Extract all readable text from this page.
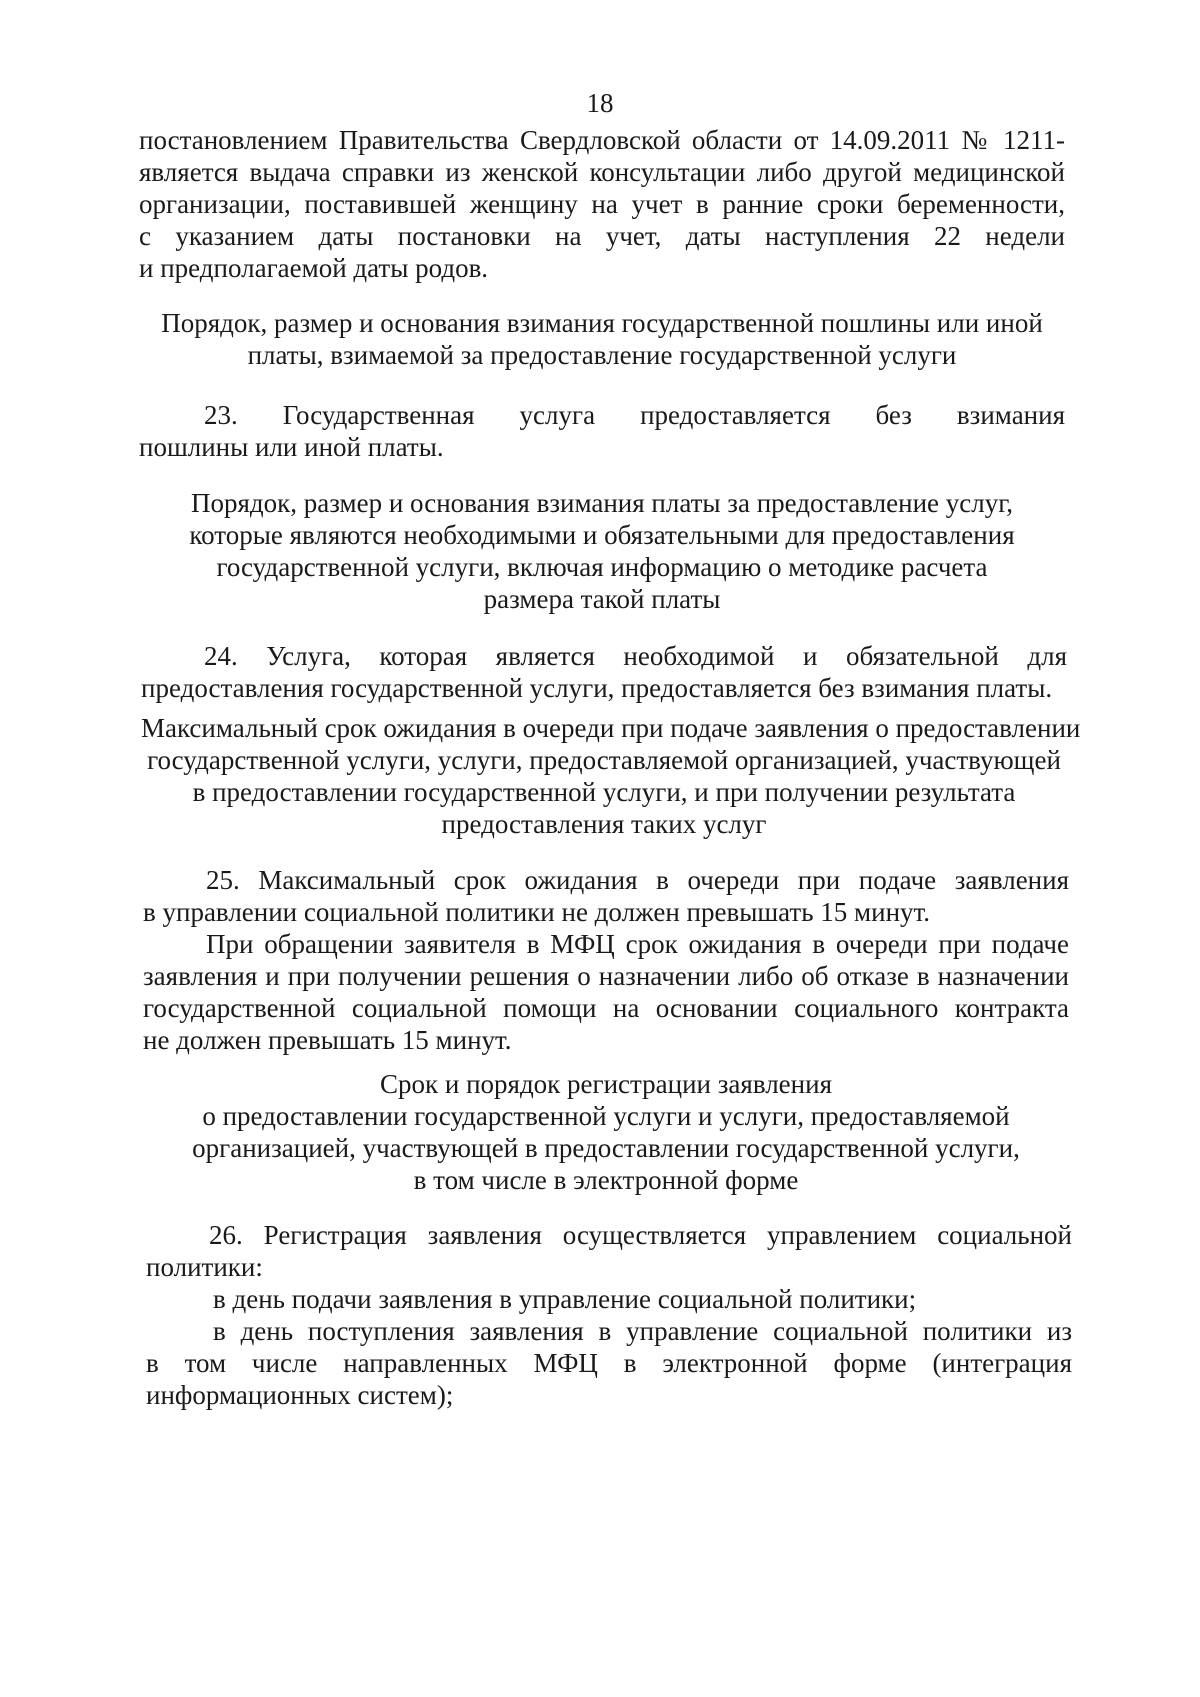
18
постановлением Правительства Свердловской области от 14.09.2011 № 1211-
является выдача справки из женской консультации либо другой медицинской
организации, поставившей женщину на учет в ранние сроки беременности,
с указанием даты постановки на учет, даты наступления 22 недели
и предполагаемой даты родов.
Порядок, размер и основания взимания государственной пошлины или иной
платы, взимаемой за предоставление государственной услуги
23. Государственная услуга предоставляется без взимания
пошлины или иной платы.
Порядок, размер и основания взимания платы за предоставление услуг,
которые являются необходимыми и обязательными для предоставления
государственной услуги, включая информацию о методике расчета
размера такой платы
24. Услуга, которая является необходимой и обязательной для
предоставления государственной услуги, предоставляется без взимания платы.
Максимальный срок ожидания в очереди при подаче заявления о предоставлении
государственной услуги, услуги, предоставляемой организацией, участвующей
в предоставлении государственной услуги, и при получении результата
предоставления таких услуг
25. Максимальный срок ожидания в очереди при подаче заявления
в управлении социальной политики не должен превышать 15 минут.
При обращении заявителя в МФЦ срок ожидания в очереди при подаче
заявления и при получении решения о назначении либо об отказе в назначении
государственной социальной помощи на основании социального контракта
не должен превышать 15 минут.
Срок и порядок регистрации заявления
о предоставлении государственной услуги и услуги, предоставляемой
организацией, участвующей в предоставлении государственной услуги,
в том числе в электронной форме
26. Регистрация заявления осуществляется управлением социальной
политики:
в день подачи заявления в управление социальной политики;
в день поступления заявления в управление социальной политики из
в том числе направленных МФЦ в электронной форме (интеграция
информационных систем);
